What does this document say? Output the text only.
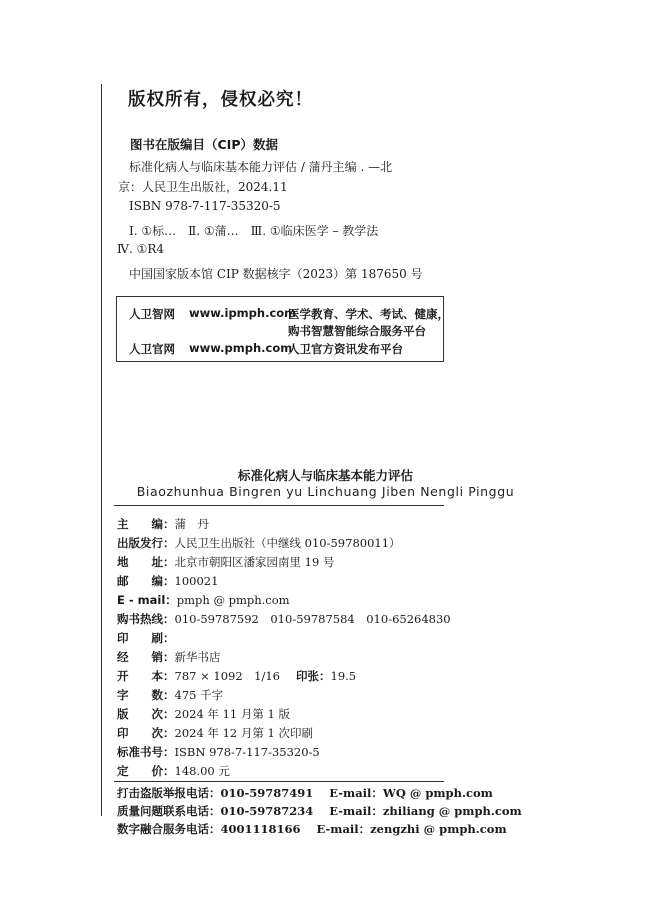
版权所有，侵权必究！
图书在版编目（CIP）数据
标准化病人与临床基本能力评估 / 蒲丹主编 . —北
京：人民卫生出版社，2024.11
ISBN 978-7-117-35320-5
Ⅰ. ①标…　Ⅱ. ①蒲…　Ⅲ. ①临床医学 – 教学法
Ⅳ. ①R4
中国国家版本馆 CIP 数据核字（2023）第 187650 号
人卫智网 www.ipmph.com
医学教育、学术、考试、健康，
购书智慧智能综合服务平台
人卫官网 www.pmph.com
人卫官方资讯发布平台
标准化病人与临床基本能力评估
Biaozhunhua Bingren yu Linchuang Jiben Nengli Pinggu
主　　编：蒲　丹
出版发行：人民卫生出版社（中继线 010-59780011）
地　　址：北京市朝阳区潘家园南里 19 号
邮　　编：100021
E - mail：pmph @ pmph.com
购书热线：010-59787592　010-59787584　010-65264830
印　　刷：
经　　销：新华书店
开　　本：787 × 1092　1/16 印张：19.5
字　　数：475 千字
版　　次：2024 年 11 月第 1 版
印　　次：2024 年 12 月第 1 次印刷
标准书号：ISBN 978-7-117-35320-5
定　　价：148.00 元
打击盗版举报电话：010-59787491 E-mail：WQ @ pmph.com
质量问题联系电话：010-59787234 E-mail：zhiliang @ pmph.com
数字融合服务电话：4001118166 E-mail：zengzhi @ pmph.com
